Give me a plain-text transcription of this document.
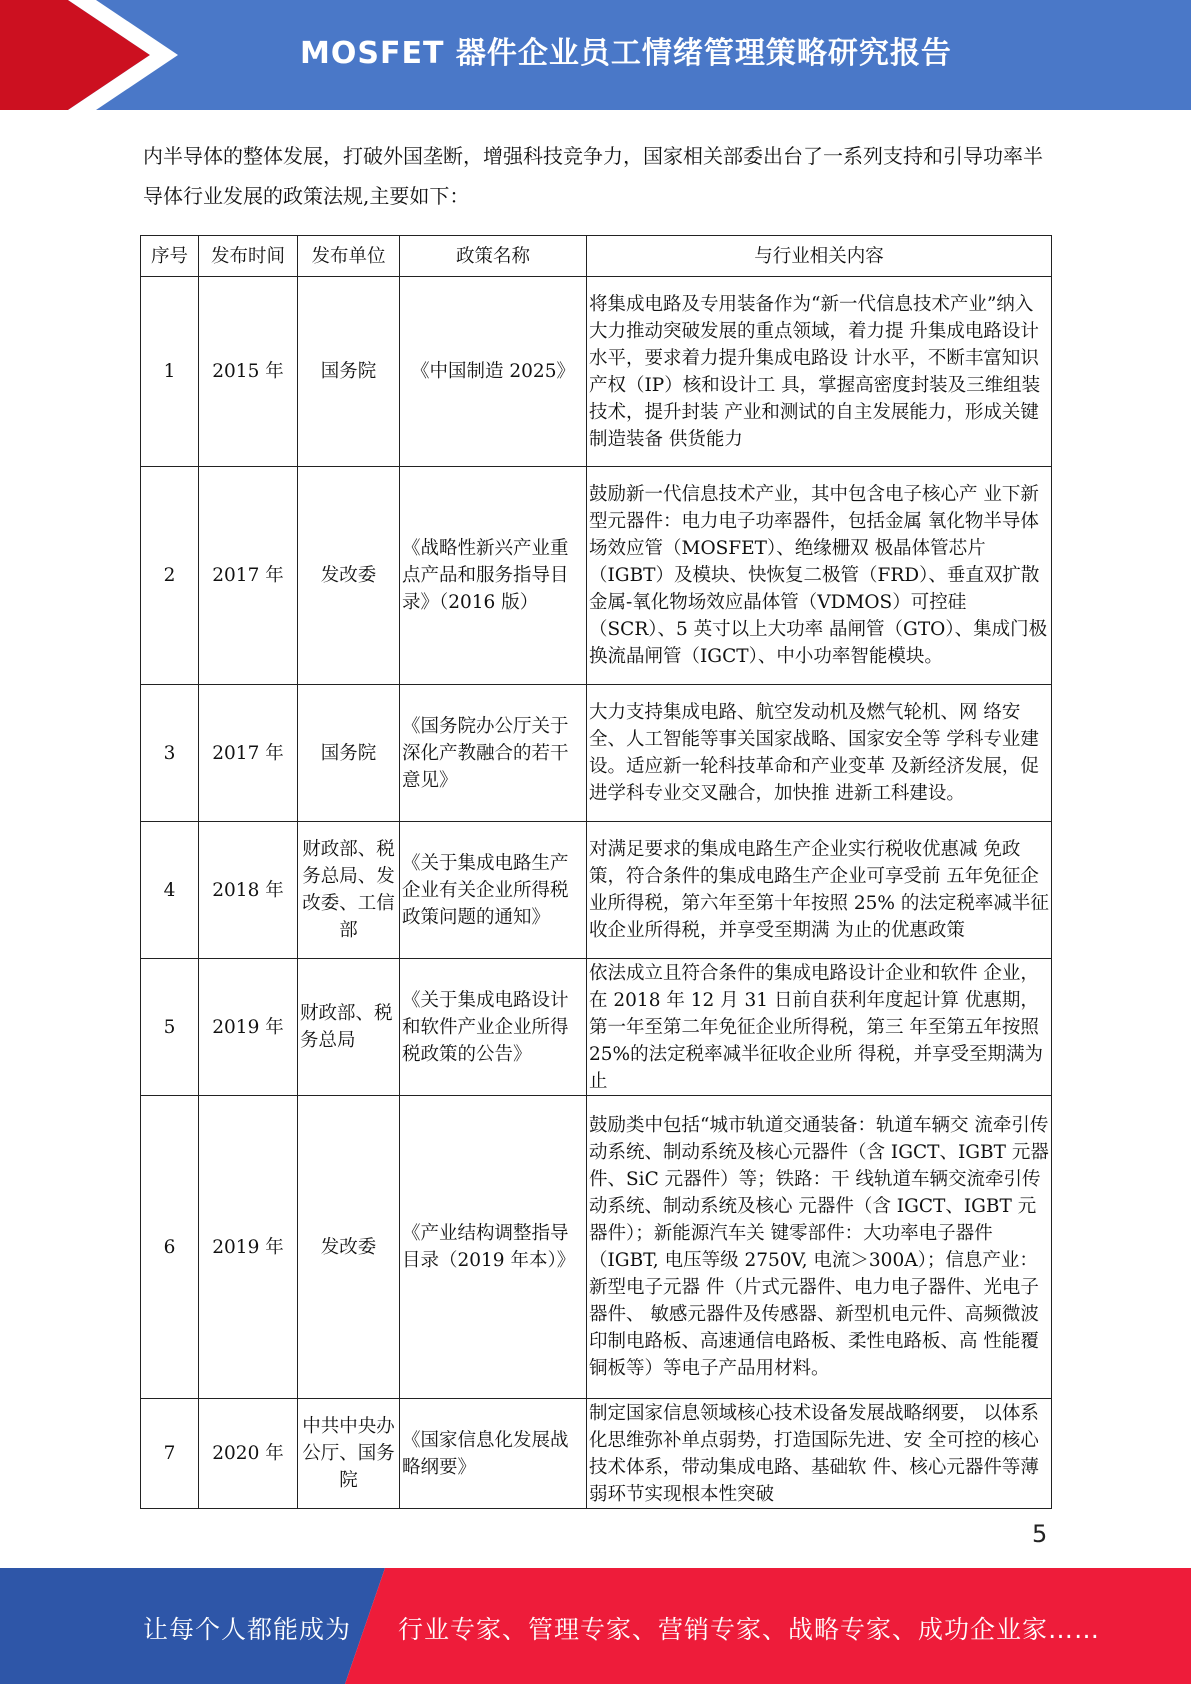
MOSFET 器件企业员工情绪管理策略研究报告
内半导体的整体发展，打破外国垄断，增强科技竞争力，国家相关部委出台了一系列支持和引导功率半导体行业发展的政策法规,主要如下：
序号	发布时间	发布单位	政策名称	与行业相关内容
1	2015 年	国务院	《中国制造 2025》	将集成电路及专用装备作为“新一代信息技术产业”纳入大力推动突破发展的重点领域，着力提 升集成电路设计水平，要求着力提升集成电路设 计水平，不断丰富知识产权（IP）核和设计工 具，掌握高密度封装及三维组装技术，提升封装 产业和测试的自主发展能力，形成关键制造装备 供货能力
2	2017 年	发改委	《战略性新兴产业重点产品和服务指导目录》（2016 版）	鼓励新一代信息技术产业，其中包含电子核心产 业下新型元器件：电力电子功率器件，包括金属 氧化物半导体场效应管（MOSFET）、绝缘栅双 极晶体管芯片（IGBT）及模块、快恢复二极管（FRD）、垂直双扩散金属-氧化物场效应晶体管（VDMOS）可控硅（SCR）、5 英寸以上大功率 晶闸管（GTO）、集成门极换流晶闸管（IGCT）、中小功率智能模块。
3	2017 年	国务院	《国务院办公厅关于深化产教融合的若干意见》	大力支持集成电路、航空发动机及燃气轮机、网 络安全、人工智能等事关国家战略、国家安全等 学科专业建设。适应新一轮科技革命和产业变革 及新经济发展，促进学科专业交叉融合，加快推 进新工科建设。
4	2018 年	财政部、税务总局、发改委、工信部	《关于集成电路生产企业有关企业所得税政策问题的通知》	对满足要求的集成电路生产企业实行税收优惠减 免政策，符合条件的集成电路生产企业可享受前 五年免征企业所得税，第六年至第十年按照 25% 的法定税率减半征收企业所得税，并享受至期满 为止的优惠政策
5	2019 年	财政部、税务总局	《关于集成电路设计和软件产业企业所得税政策的公告》	依法成立且符合条件的集成电路设计企业和软件 企业，在 2018 年 12 月 31 日前自获利年度起计算 优惠期，第一年至第二年免征企业所得税，第三 年至第五年按照 25%的法定税率减半征收企业所 得税，并享受至期满为止
6	2019 年	发改委	《产业结构调整指导目录（2019 年本）》	鼓励类中包括“城市轨道交通装备：轨道车辆交 流牵引传动系统、制动系统及核心元器件（含 IGCT、IGBT 元器件、SiC 元器件）等；铁路：干 线轨道车辆交流牵引传动系统、制动系统及核心 元器件（含 IGCT、IGBT 元器件）；新能源汽车关 键零部件：大功率电子器件（IGBT, 电压等级 2750V, 电流＞300A）；信息产业：新型电子元器 件（片式元器件、电力电子器件、光电子器件、 敏感元器件及传感器、新型机电元件、高频微波 印制电路板、高速通信电路板、柔性电路板、高 性能覆铜板等）等电子产品用材料。
7	2020 年	中共中央办公厅、国务院	《国家信息化发展战略纲要》	制定国家信息领域核心技术设备发展战略纲要， 以体系化思维弥补单点弱势，打造国际先进、安 全可控的核心技术体系，带动集成电路、基础软 件、核心元器件等薄弱环节实现根本性突破
5
让每个人都能成为 行业专家、管理专家、营销专家、战略专家、成功企业家……
